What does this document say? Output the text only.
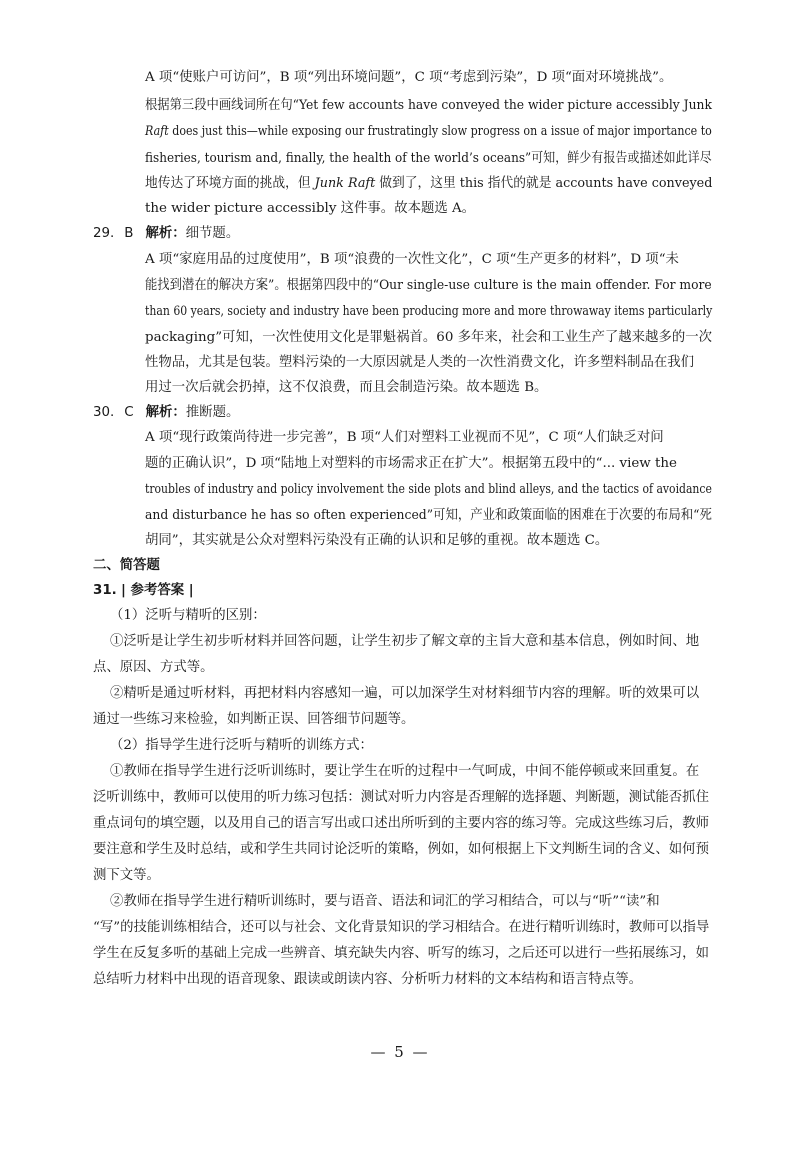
A 项“使账户可访问”，B 项“列出环境问题”，C 项“考虑到污染”，D 项“面对环境挑战”。
根据第三段中画线词所在句“Yet few accounts have conveyed the wider picture accessibly Junk
Raft does just this—while exposing our frustratingly slow progress on a issue of major importance to
fisheries, tourism and, finally, the health of the world’s oceans”可知，鲜少有报告或描述如此详尽
地传达了环境方面的挑战，但 Junk Raft 做到了，这里 this 指代的就是 accounts have conveyed
the wider picture accessibly 这件事。故本题选 A。
29. B 解析：细节题。
A 项“家庭用品的过度使用”，B 项“浪费的一次性文化”，C 项“生产更多的材料”，D 项“未
能找到潜在的解决方案”。根据第四段中的“Our single-use culture is the main offender. For more
than 60 years, society and industry have been producing more and more throwaway items particularly
packaging”可知，一次性使用文化是罪魁祸首。60 多年来，社会和工业生产了越来越多的一次
性物品，尤其是包装。塑料污染的一大原因就是人类的一次性消费文化，许多塑料制品在我们
用过一次后就会扔掉，这不仅浪费，而且会制造污染。故本题选 B。
30. C 解析：推断题。
A 项“现行政策尚待进一步完善”，B 项“人们对塑料工业视而不见”，C 项“人们缺乏对问
题的正确认识”，D 项“陆地上对塑料的市场需求正在扩大”。根据第五段中的“... view the
troubles of industry and policy involvement the side plots and blind alleys, and the tactics of avoidance
and disturbance he has so often experienced”可知，产业和政策面临的困难在于次要的布局和“死
胡同”，其实就是公众对塑料污染没有正确的认识和足够的重视。故本题选 C。
二、简答题
31. | 参考答案 |
（1）泛听与精听的区别：
①泛听是让学生初步听材料并回答问题，让学生初步了解文章的主旨大意和基本信息，例如时间、地
点、原因、方式等。
②精听是通过听材料，再把材料内容感知一遍，可以加深学生对材料细节内容的理解。听的效果可以
通过一些练习来检验，如判断正误、回答细节问题等。
（2）指导学生进行泛听与精听的训练方式：
①教师在指导学生进行泛听训练时，要让学生在听的过程中一气呵成，中间不能停顿或来回重复。在
泛听训练中，教师可以使用的听力练习包括：测试对听力内容是否理解的选择题、判断题，测试能否抓住
重点词句的填空题，以及用自己的语言写出或口述出所听到的主要内容的练习等。完成这些练习后，教师
要注意和学生及时总结，或和学生共同讨论泛听的策略，例如，如何根据上下文判断生词的含义、如何预
测下文等。
②教师在指导学生进行精听训练时，要与语音、语法和词汇的学习相结合，可以与“听”“读”和
“写”的技能训练相结合，还可以与社会、文化背景知识的学习相结合。在进行精听训练时，教师可以指导
学生在反复多听的基础上完成一些辨音、填充缺失内容、听写的练习，之后还可以进行一些拓展练习，如
总结听力材料中出现的语音现象、跟读或朗读内容、分析听力材料的文本结构和语言特点等。
— 5 —
